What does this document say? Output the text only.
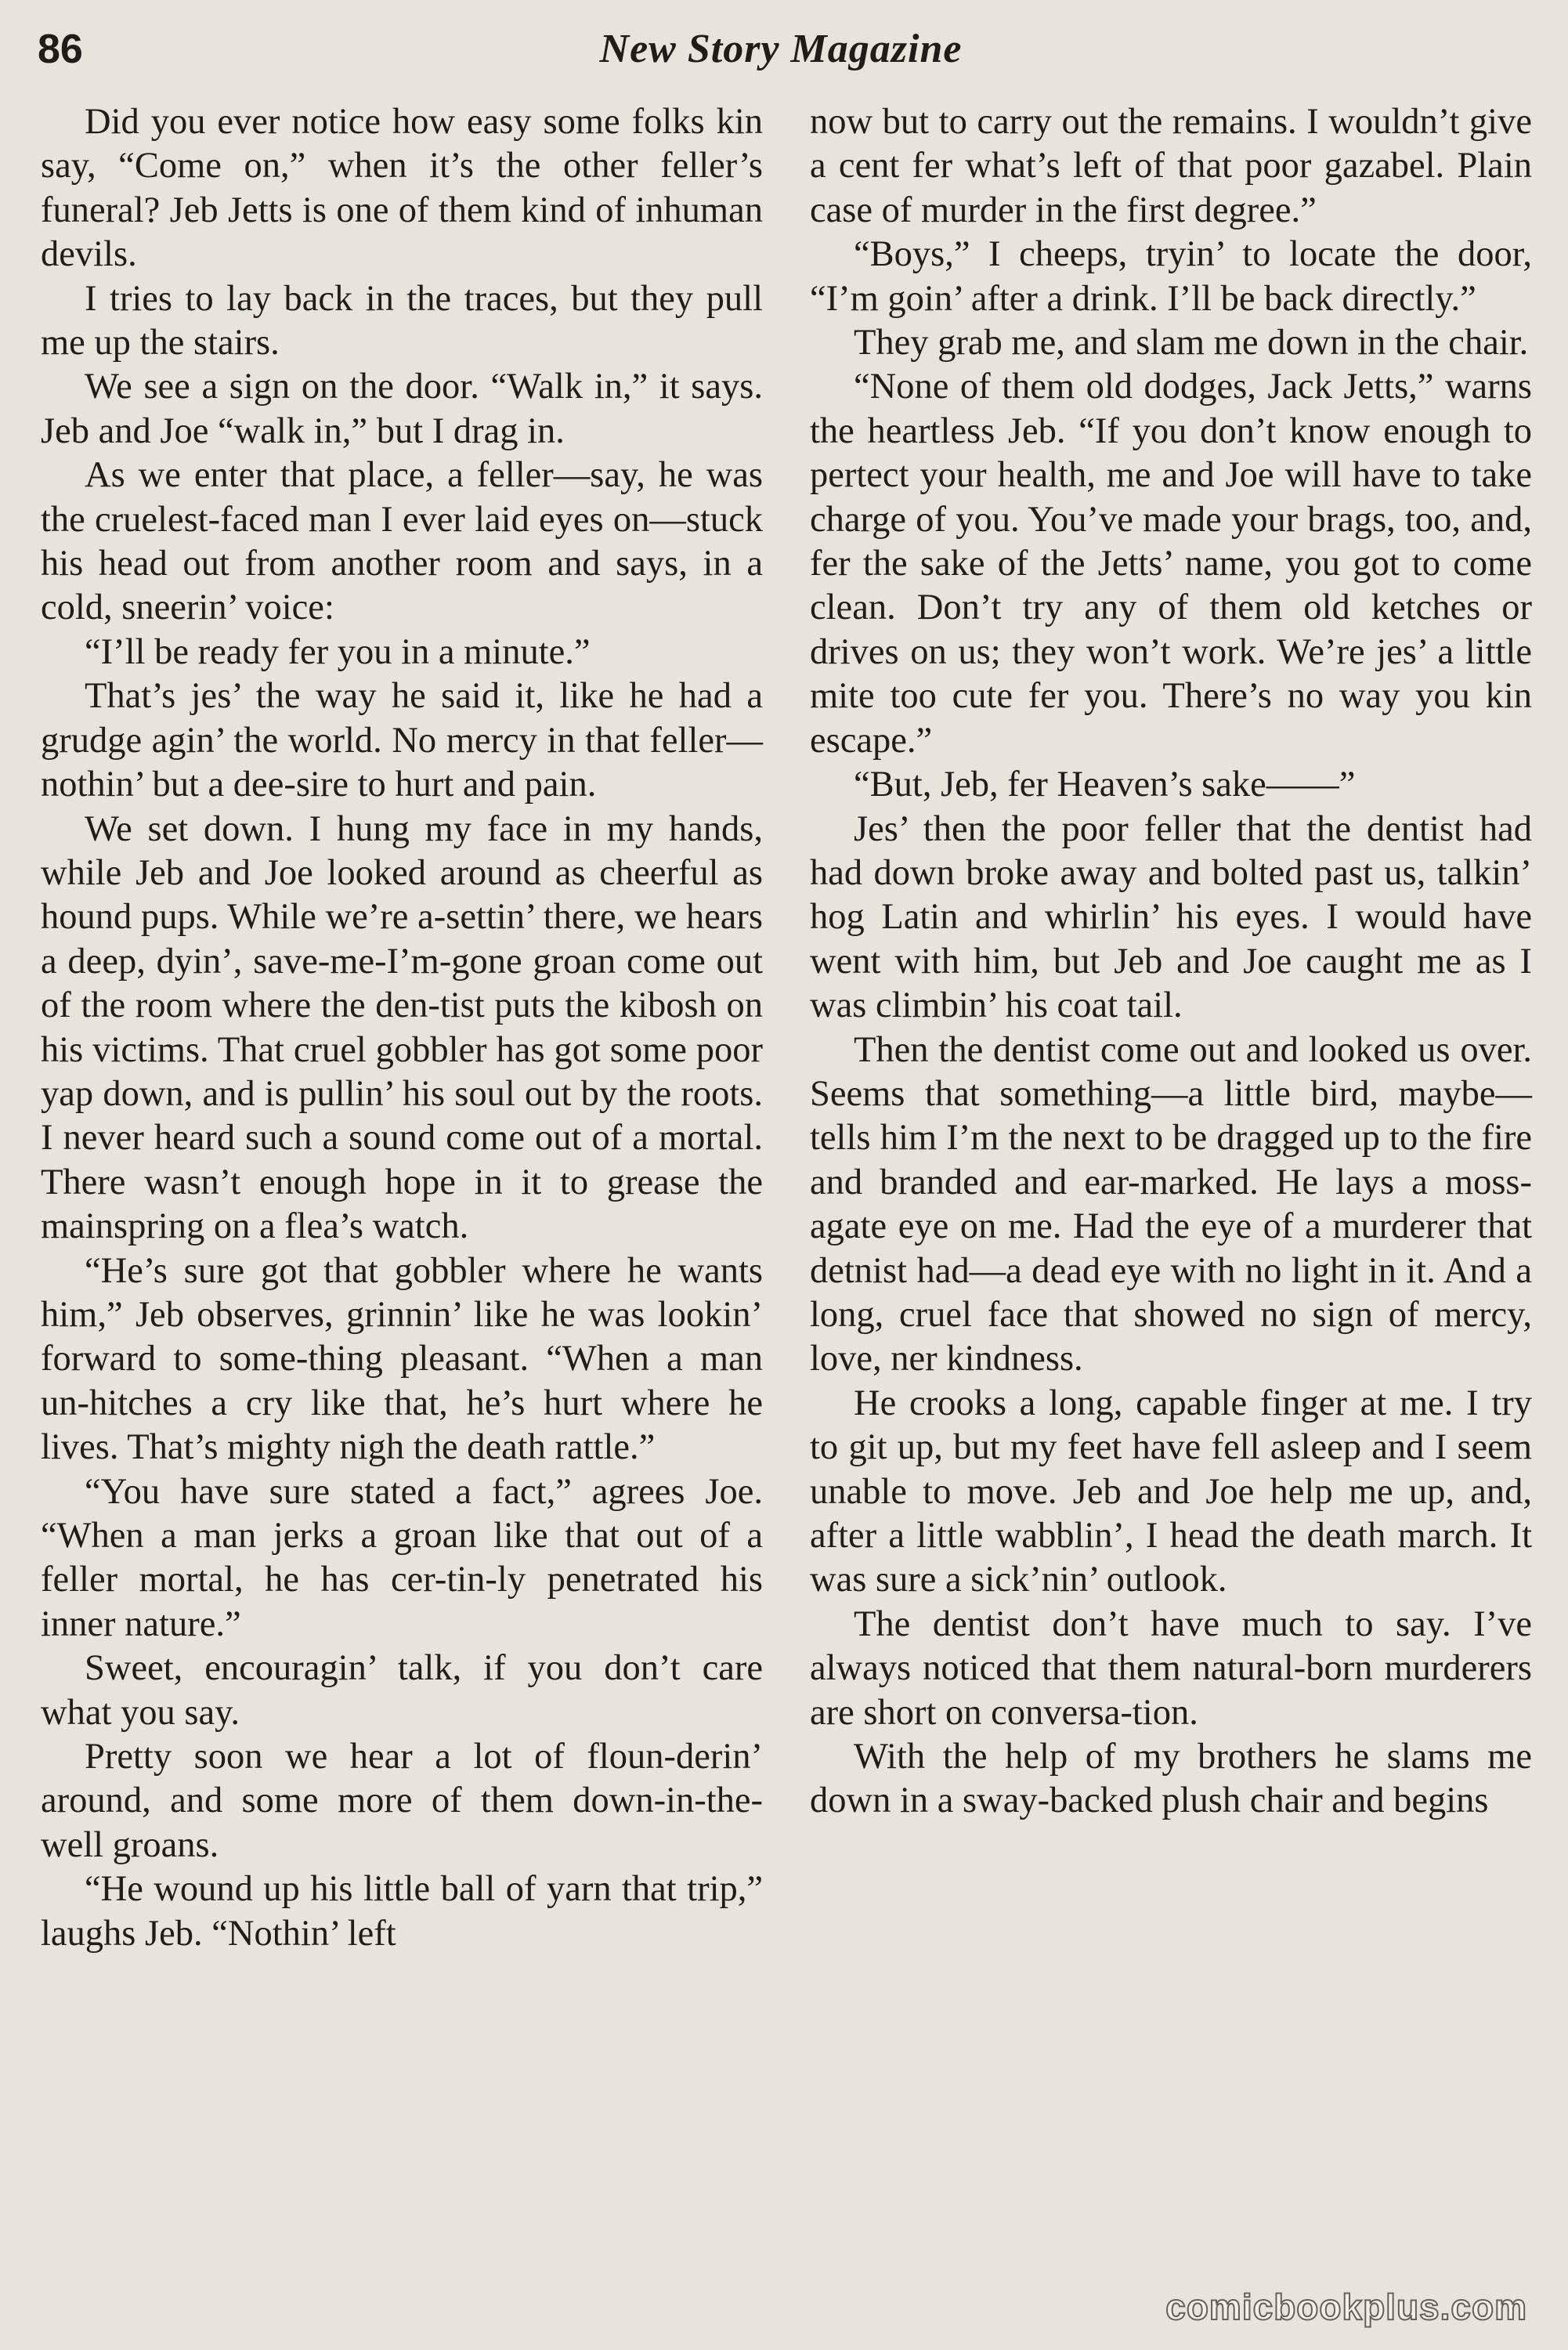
86	New Story Magazine

Did you ever notice how easy some folks kin say, “Come on,” when it’s the other feller’s funeral? Jeb Jetts is one of them kind of inhuman devils.

I tries to lay back in the traces, but they pull me up the stairs.

We see a sign on the door. “Walk in,” it says. Jeb and Joe “walk in,” but I drag in.

As we enter that place, a feller—say, he was the cruelest-faced man I ever laid eyes on—stuck his head out from another room and says, in a cold, sneerin’ voice:

“I’ll be ready fer you in a minute.”

That’s jes’ the way he said it, like he had a grudge agin’ the world. No mercy in that feller—nothin’ but a dee-sire to hurt and pain.

We set down. I hung my face in my hands, while Jeb and Joe looked around as cheerful as hound pups. While we’re a-settin’ there, we hears a deep, dyin’, save-me-I’m-gone groan come out of the room where the den-tist puts the kibosh on his victims. That cruel gobbler has got some poor yap down, and is pullin’ his soul out by the roots. I never heard such a sound come out of a mortal. There wasn’t enough hope in it to grease the mainspring on a flea’s watch.

“He’s sure got that gobbler where he wants him,” Jeb observes, grinnin’ like he was lookin’ forward to some-thing pleasant. “When a man un-hitches a cry like that, he’s hurt where he lives. That’s mighty nigh the death rattle.”

“You have sure stated a fact,” agrees Joe. “When a man jerks a groan like that out of a feller mortal, he has cer-tin-ly penetrated his inner nature.”

Sweet, encouragin’ talk, if you don’t care what you say.

Pretty soon we hear a lot of floun-derin’ around, and some more of them down-in-the-well groans.

“He wound up his little ball of yarn that trip,” laughs Jeb. “Nothin’ left

now but to carry out the remains. I wouldn’t give a cent fer what’s left of that poor gazabel. Plain case of murder in the first degree.”

“Boys,” I cheeps, tryin’ to locate the door, “I’m goin’ after a drink. I’ll be back directly.”

They grab me, and slam me down in the chair.

“None of them old dodges, Jack Jetts,” warns the heartless Jeb. “If you don’t know enough to pertect your health, me and Joe will have to take charge of you. You’ve made your brags, too, and, fer the sake of the Jetts’ name, you got to come clean. Don’t try any of them old ketches or drives on us; they won’t work. We’re jes’ a little mite too cute fer you. There’s no way you kin escape.”

“But, Jeb, fer Heaven’s sake——”

Jes’ then the poor feller that the dentist had had down broke away and bolted past us, talkin’ hog Latin and whirlin’ his eyes. I would have went with him, but Jeb and Joe caught me as I was climbin’ his coat tail.

Then the dentist come out and looked us over. Seems that something—a little bird, maybe—tells him I’m the next to be dragged up to the fire and branded and ear-marked. He lays a moss-agate eye on me. Had the eye of a murderer that detnist had—a dead eye with no light in it. And a long, cruel face that showed no sign of mercy, love, ner kindness.

He crooks a long, capable finger at me. I try to git up, but my feet have fell asleep and I seem unable to move. Jeb and Joe help me up, and, after a little wabblin’, I head the death march. It was sure a sick’nin’ outlook.

The dentist don’t have much to say. I’ve always noticed that them natural-born murderers are short on conversa-tion.

With the help of my brothers he slams me down in a sway-backed plush chair and begins

comicbookplus.com
